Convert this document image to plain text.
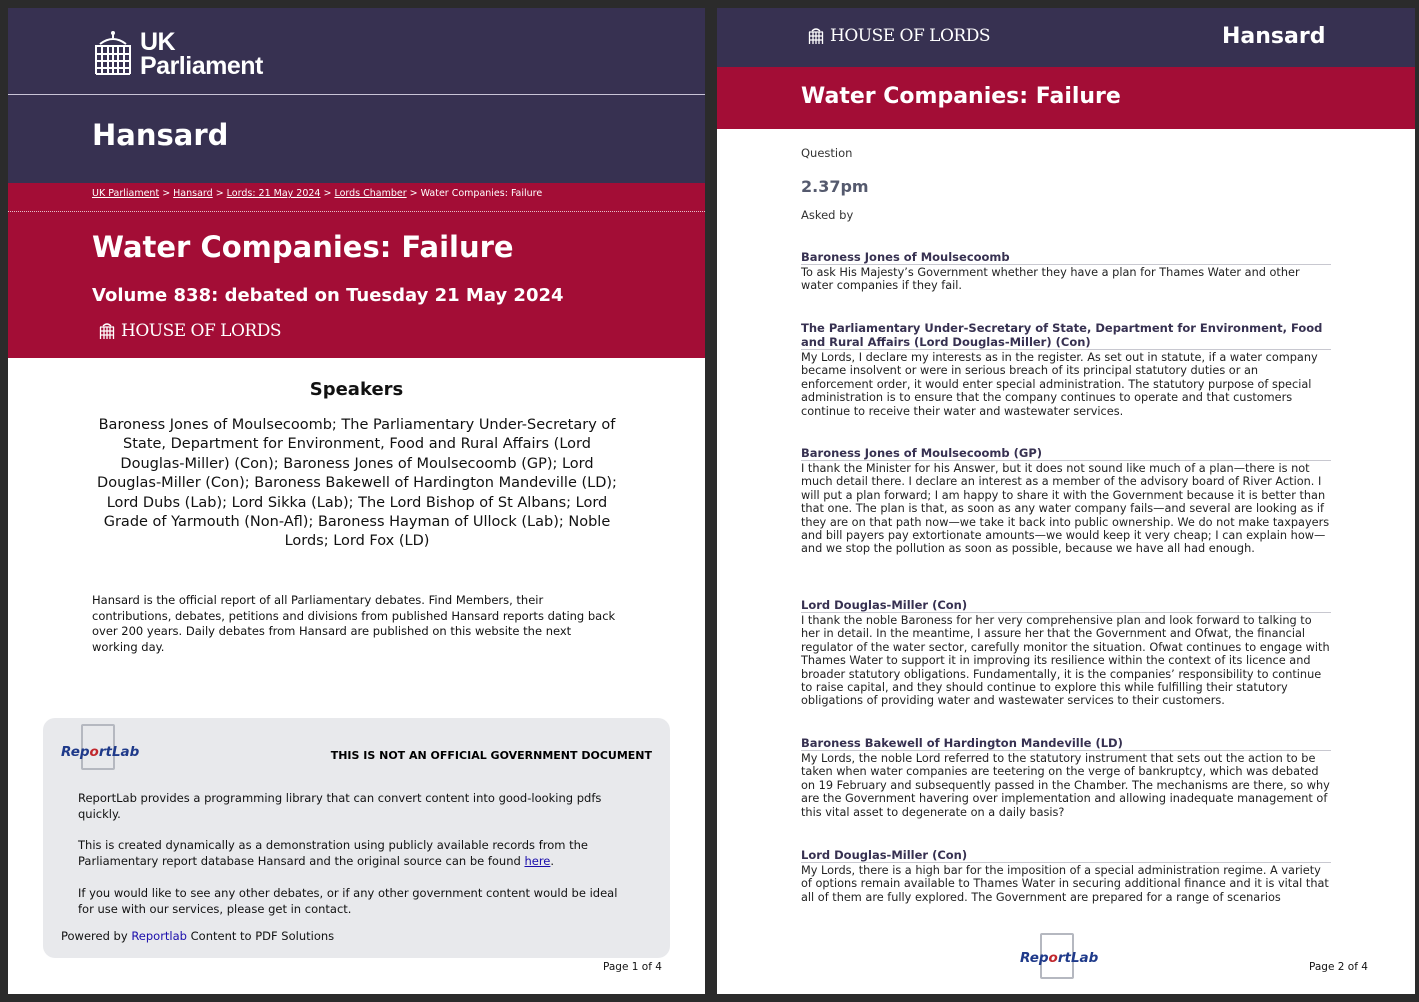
UK
Parliament
Hansard
UK Parliament > Hansard > Lords: 21 May 2024 > Lords Chamber > Water Companies: Failure
Water Companies: Failure
Volume 838: debated on Tuesday 21 May 2024
HOUSE OF LORDS
Speakers
Baroness Jones of Moulsecoomb; The Parliamentary Under-Secretary of State, Department for Environment, Food and Rural Affairs (Lord Douglas-Miller) (Con); Baroness Jones of Moulsecoomb (GP); Lord Douglas-Miller (Con); Baroness Bakewell of Hardington Mandeville (LD); Lord Dubs (Lab); Lord Sikka (Lab); The Lord Bishop of St Albans; Lord Grade of Yarmouth (Non-Afl); Baroness Hayman of Ullock (Lab); Noble Lords; Lord Fox (LD)
Hansard is the official report of all Parliamentary debates. Find Members, their contributions, debates, petitions and divisions from published Hansard reports dating back over 200 years. Daily debates from Hansard are published on this website the next working day.
ReportLab	THIS IS NOT AN OFFICIAL GOVERNMENT DOCUMENT
ReportLab provides a programming library that can convert content into good-looking pdfs quickly.
This is created dynamically as a demonstration using publicly available records from the Parliamentary report database Hansard and the original source can be found here.
If you would like to see any other debates, or if any other government content would be ideal for use with our services, please get in contact.
Powered by Reportlab Content to PDF Solutions
Page 1 of 4
HOUSE OF LORDS	Hansard
Water Companies: Failure
Question
2.37pm
Asked by
Baroness Jones of Moulsecoomb
To ask His Majesty’s Government whether they have a plan for Thames Water and other water companies if they fail.
The Parliamentary Under-Secretary of State, Department for Environment, Food and Rural Affairs (Lord Douglas-Miller) (Con)
My Lords, I declare my interests as in the register. As set out in statute, if a water company became insolvent or were in serious breach of its principal statutory duties or an enforcement order, it would enter special administration. The statutory purpose of special administration is to ensure that the company continues to operate and that customers continue to receive their water and wastewater services.
Baroness Jones of Moulsecoomb (GP)
I thank the Minister for his Answer, but it does not sound like much of a plan—there is not much detail there. I declare an interest as a member of the advisory board of River Action. I will put a plan forward; I am happy to share it with the Government because it is better than that one. The plan is that, as soon as any water company fails—and several are looking as if they are on that path now—we take it back into public ownership. We do not make taxpayers and bill payers pay extortionate amounts—we would keep it very cheap; I can explain how—and we stop the pollution as soon as possible, because we have all had enough.
Lord Douglas-Miller (Con)
I thank the noble Baroness for her very comprehensive plan and look forward to talking to her in detail. In the meantime, I assure her that the Government and Ofwat, the financial regulator of the water sector, carefully monitor the situation. Ofwat continues to engage with Thames Water to support it in improving its resilience within the context of its licence and broader statutory obligations. Fundamentally, it is the companies’ responsibility to continue to raise capital, and they should continue to explore this while fulfilling their statutory obligations of providing water and wastewater services to their customers.
Baroness Bakewell of Hardington Mandeville (LD)
My Lords, the noble Lord referred to the statutory instrument that sets out the action to be taken when water companies are teetering on the verge of bankruptcy, which was debated on 19 February and subsequently passed in the Chamber. The mechanisms are there, so why are the Government havering over implementation and allowing inadequate management of this vital asset to degenerate on a daily basis?
Lord Douglas-Miller (Con)
My Lords, there is a high bar for the imposition of a special administration regime. A variety of options remain available to Thames Water in securing additional finance and it is vital that all of them are fully explored. The Government are prepared for a range of scenarios
ReportLab
Page 2 of 4
